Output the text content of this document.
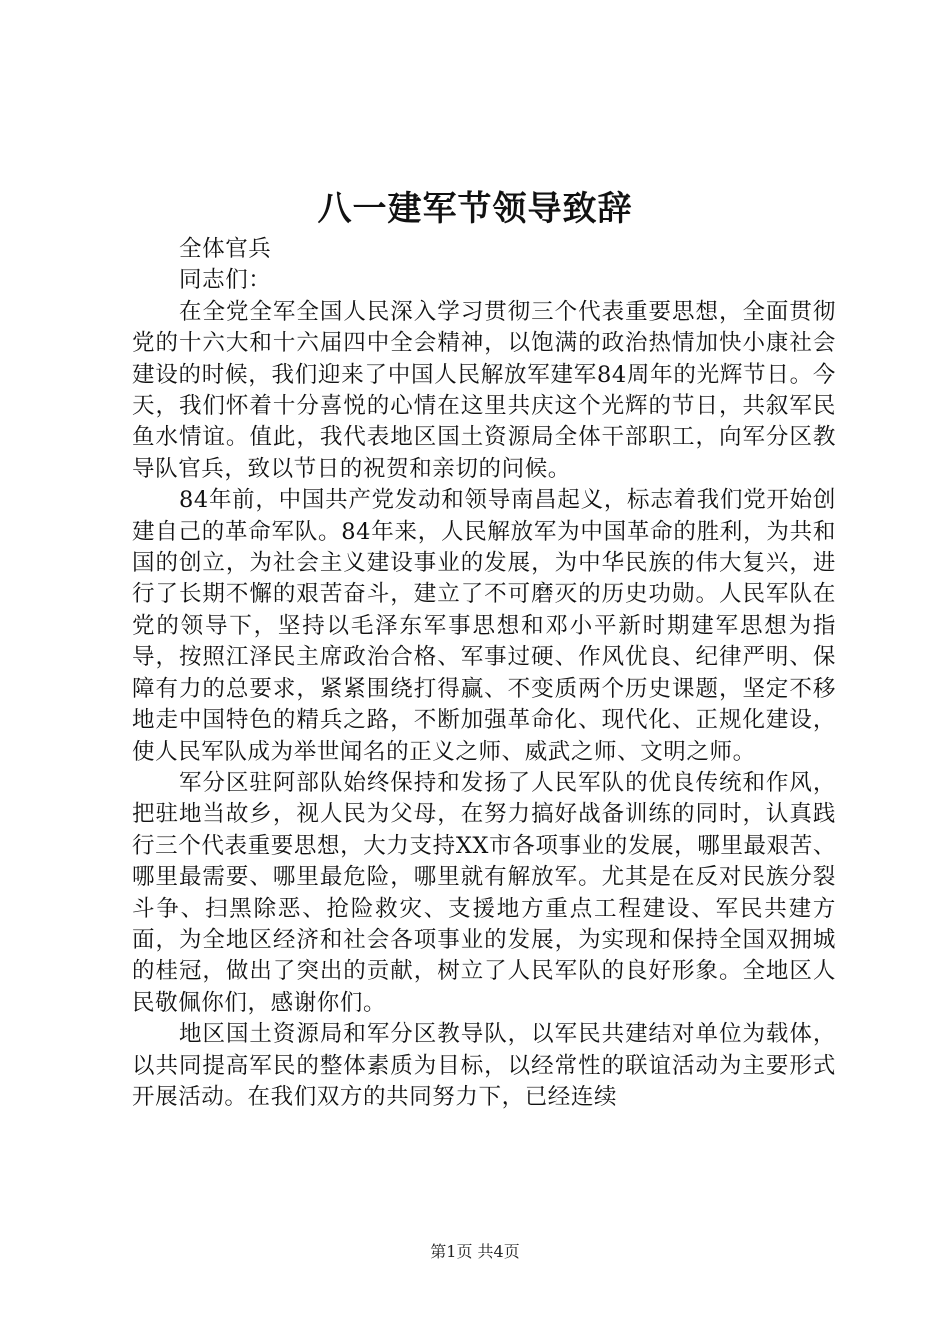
八一建军节领导致辞

全体官兵

同志们：

在全党全军全国人民深入学习贯彻三个代表重要思想，全面贯彻党的十六大和十六届四中全会精神，以饱满的政治热情加快小康社会建设的时候，我们迎来了中国人民解放军建军84周年的光辉节日。今天，我们怀着十分喜悦的心情在这里共庆这个光辉的节日，共叙军民鱼水情谊。值此，我代表地区国土资源局全体干部职工，向军分区教导队官兵，致以节日的祝贺和亲切的问候。

84年前，中国共产党发动和领导南昌起义，标志着我们党开始创建自己的革命军队。84年来，人民解放军为中国革命的胜利，为共和国的创立，为社会主义建设事业的发展，为中华民族的伟大复兴，进行了长期不懈的艰苦奋斗，建立了不可磨灭的历史功勋。人民军队在党的领导下，坚持以毛泽东军事思想和邓小平新时期建军思想为指导，按照江泽民主席政治合格、军事过硬、作风优良、纪律严明、保障有力的总要求，紧紧围绕打得赢、不变质两个历史课题，坚定不移地走中国特色的精兵之路，不断加强革命化、现代化、正规化建设，使人民军队成为举世闻名的正义之师、威武之师、文明之师。

军分区驻阿部队始终保持和发扬了人民军队的优良传统和作风，把驻地当故乡，视人民为父母，在努力搞好战备训练的同时，认真践行三个代表重要思想，大力支持XX市各项事业的发展，哪里最艰苦、哪里最需要、哪里最危险，哪里就有解放军。尤其是在反对民族分裂斗争、扫黑除恶、抢险救灾、支援地方重点工程建设、军民共建方面，为全地区经济和社会各项事业的发展，为实现和保持全国双拥城的桂冠，做出了突出的贡献，树立了人民军队的良好形象。全地区人民敬佩你们，感谢你们。

地区国土资源局和军分区教导队，以军民共建结对单位为载体，以共同提高军民的整体素质为目标，以经常性的联谊活动为主要形式开展活动。在我们双方的共同努力下，已经连续

第1页 共4页
